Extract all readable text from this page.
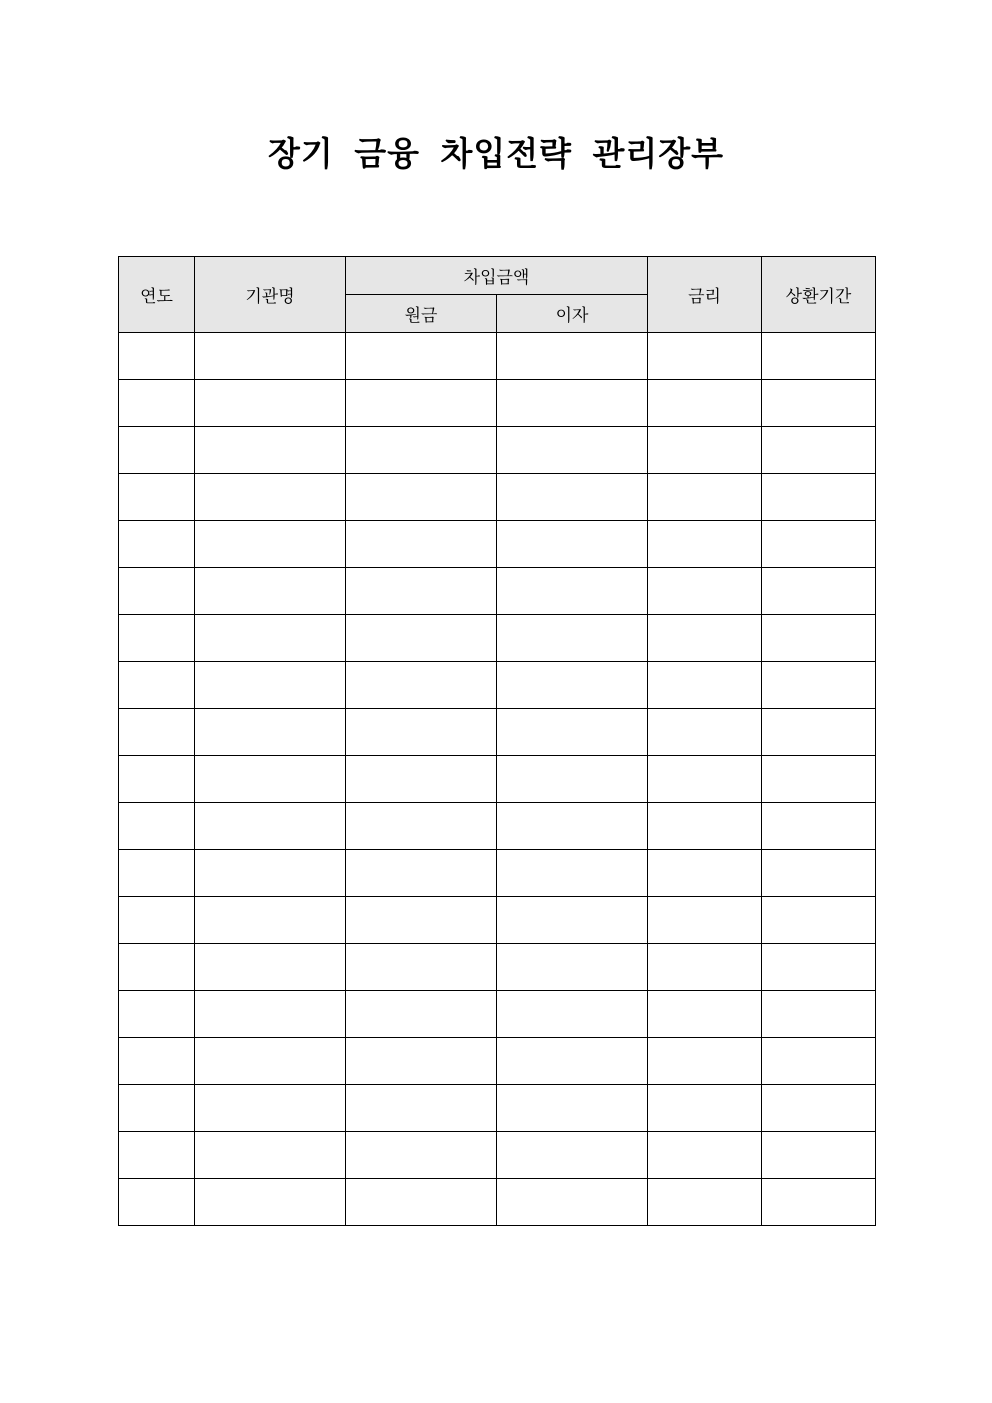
장기 금융 차입전략 관리장부
연도	기관명	차입금액		금리	상환기간
		원금	이자		
